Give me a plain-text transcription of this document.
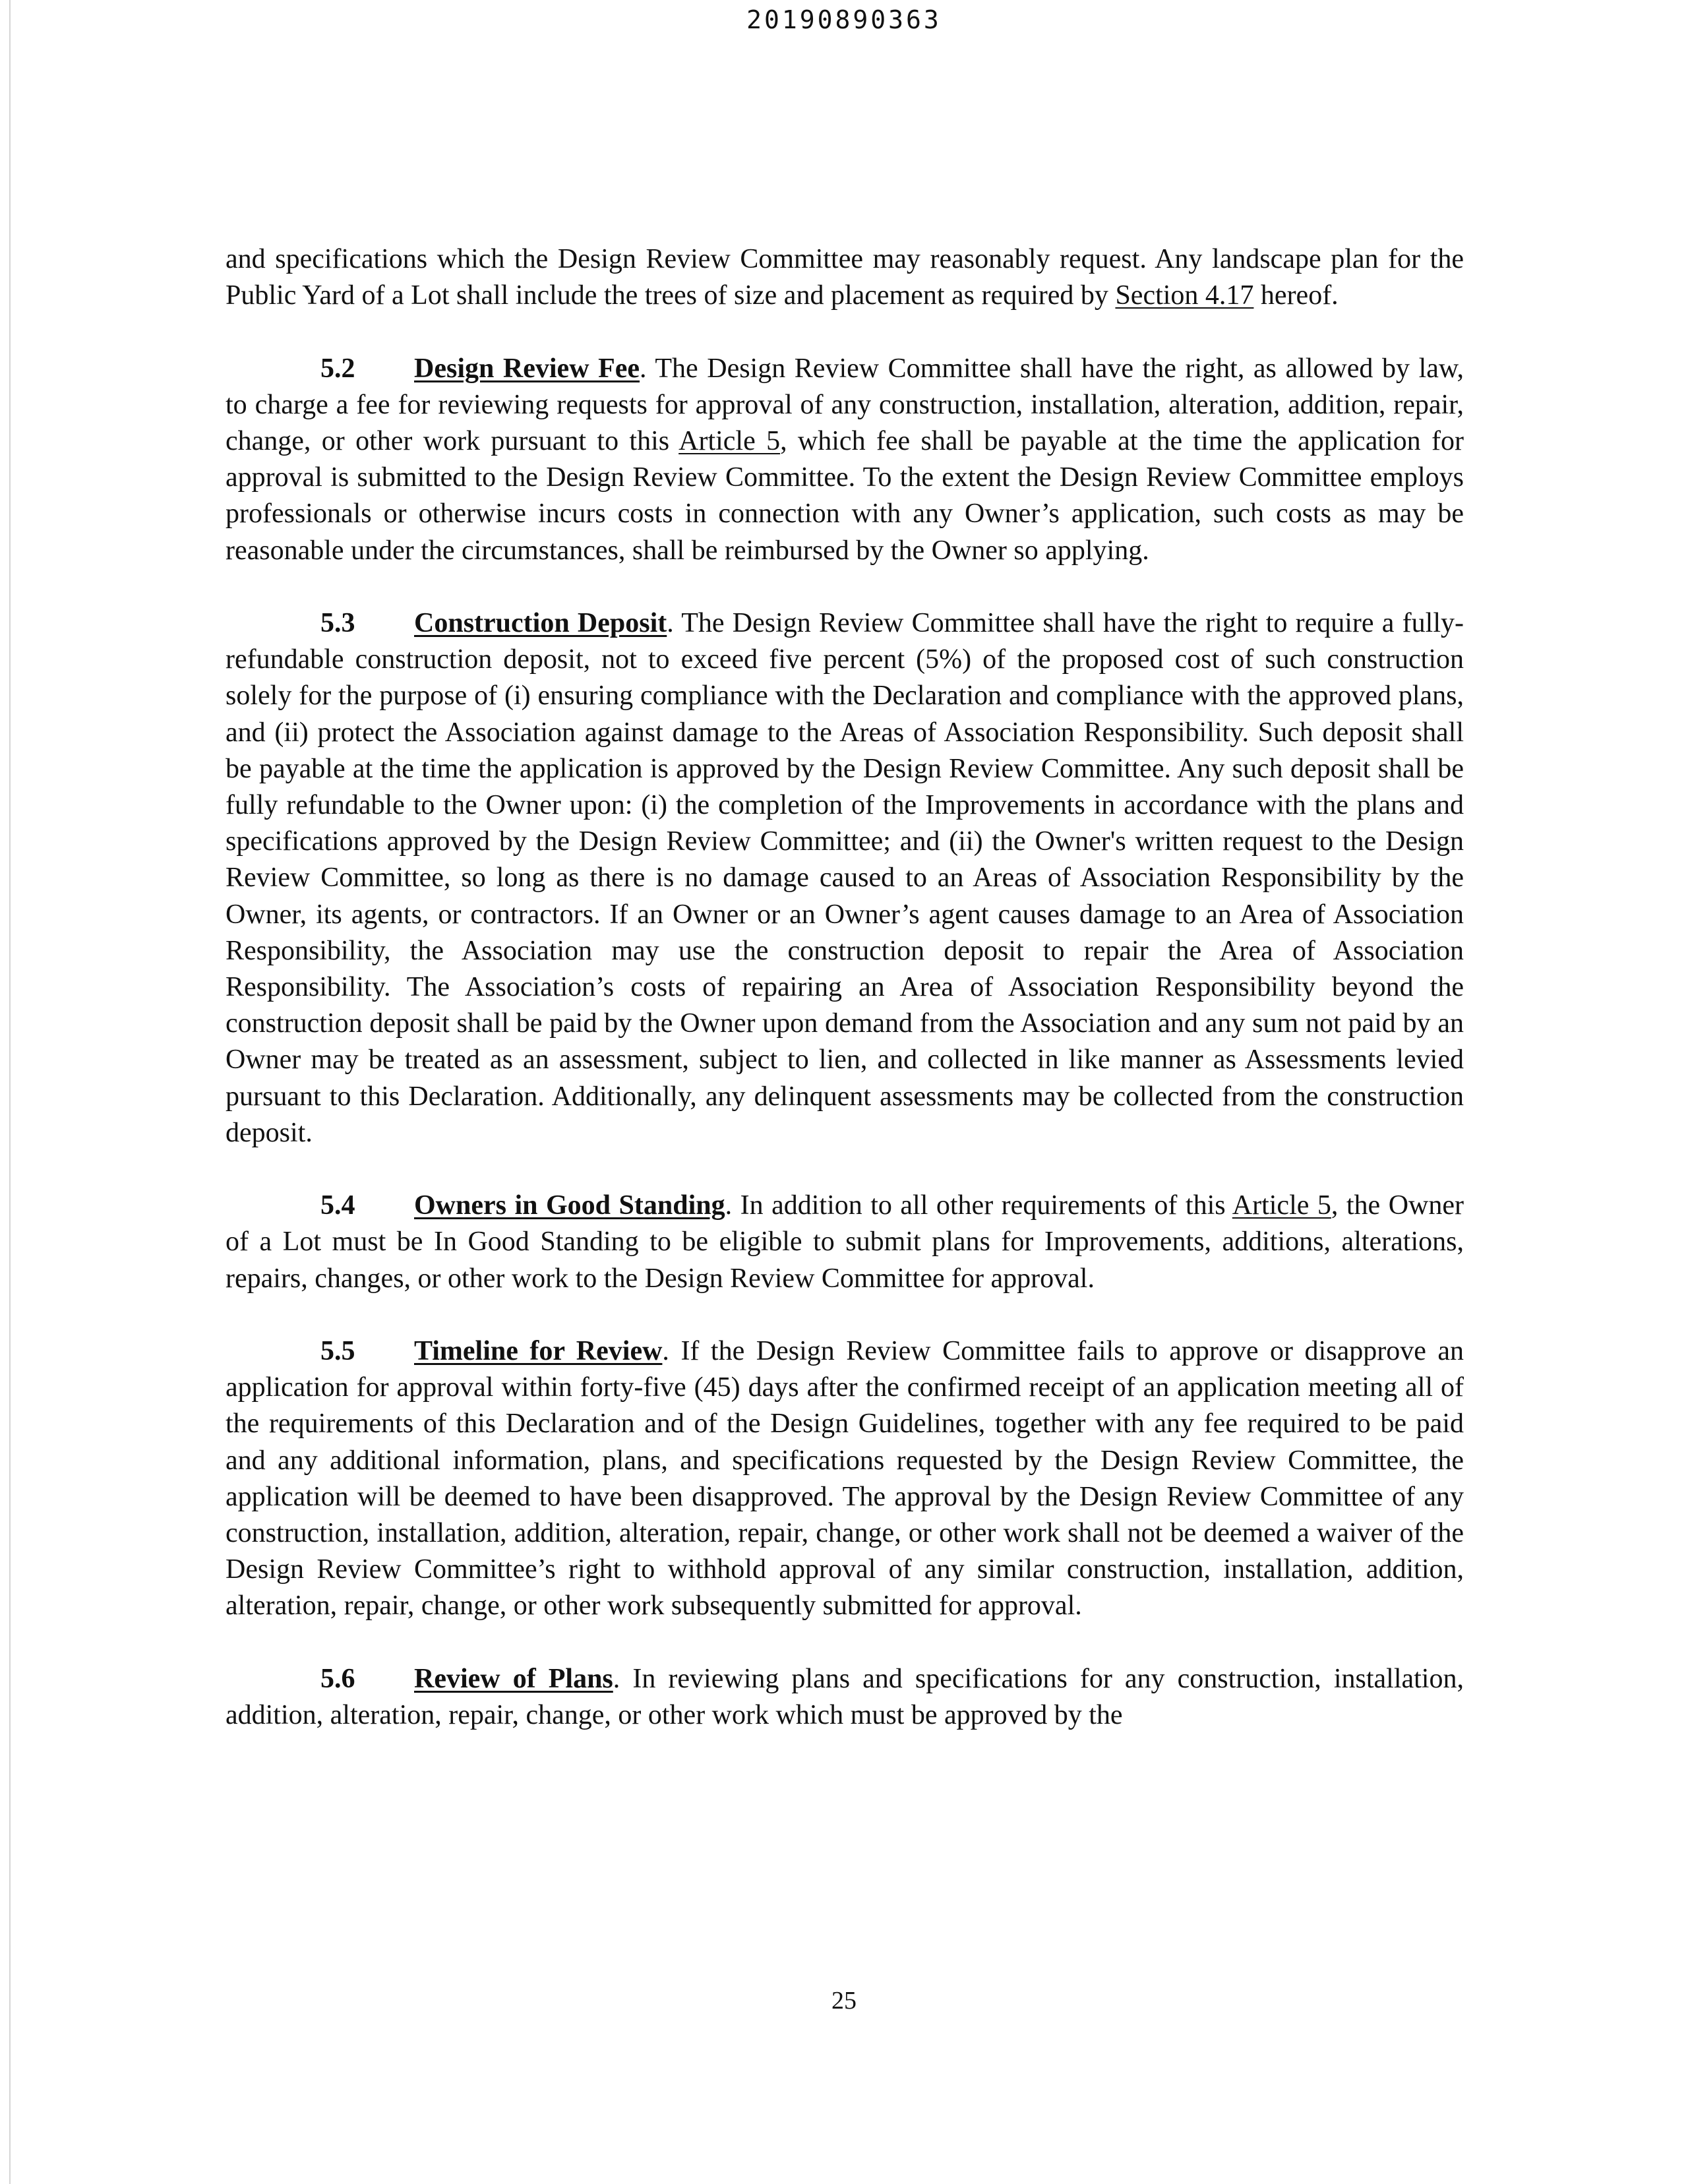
20190890363

and specifications which the Design Review Committee may reasonably request. Any landscape plan for the Public Yard of a Lot shall include the trees of size and placement as required by Section 4.17 hereof.

5.2 Design Review Fee. The Design Review Committee shall have the right, as allowed by law, to charge a fee for reviewing requests for approval of any construction, installation, alteration, addition, repair, change, or other work pursuant to this Article 5, which fee shall be payable at the time the application for approval is submitted to the Design Review Committee. To the extent the Design Review Committee employs professionals or otherwise incurs costs in connection with any Owner’s application, such costs as may be reasonable under the circumstances, shall be reimbursed by the Owner so applying.

5.3 Construction Deposit. The Design Review Committee shall have the right to require a fully-refundable construction deposit, not to exceed five percent (5%) of the proposed cost of such construction solely for the purpose of (i) ensuring compliance with the Declaration and compliance with the approved plans, and (ii) protect the Association against damage to the Areas of Association Responsibility. Such deposit shall be payable at the time the application is approved by the Design Review Committee. Any such deposit shall be fully refundable to the Owner upon: (i) the completion of the Improvements in accordance with the plans and specifications approved by the Design Review Committee; and (ii) the Owner's written request to the Design Review Committee, so long as there is no damage caused to an Areas of Association Responsibility by the Owner, its agents, or contractors. If an Owner or an Owner’s agent causes damage to an Area of Association Responsibility, the Association may use the construction deposit to repair the Area of Association Responsibility. The Association’s costs of repairing an Area of Association Responsibility beyond the construction deposit shall be paid by the Owner upon demand from the Association and any sum not paid by an Owner may be treated as an assessment, subject to lien, and collected in like manner as Assessments levied pursuant to this Declaration. Additionally, any delinquent assessments may be collected from the construction deposit.

5.4 Owners in Good Standing. In addition to all other requirements of this Article 5, the Owner of a Lot must be In Good Standing to be eligible to submit plans for Improvements, additions, alterations, repairs, changes, or other work to the Design Review Committee for approval.

5.5 Timeline for Review. If the Design Review Committee fails to approve or disapprove an application for approval within forty-five (45) days after the confirmed receipt of an application meeting all of the requirements of this Declaration and of the Design Guidelines, together with any fee required to be paid and any additional information, plans, and specifications requested by the Design Review Committee, the application will be deemed to have been disapproved. The approval by the Design Review Committee of any construction, installation, addition, alteration, repair, change, or other work shall not be deemed a waiver of the Design Review Committee’s right to withhold approval of any similar construction, installation, addition, alteration, repair, change, or other work subsequently submitted for approval.

5.6 Review of Plans. In reviewing plans and specifications for any construction, installation, addition, alteration, repair, change, or other work which must be approved by the

25
